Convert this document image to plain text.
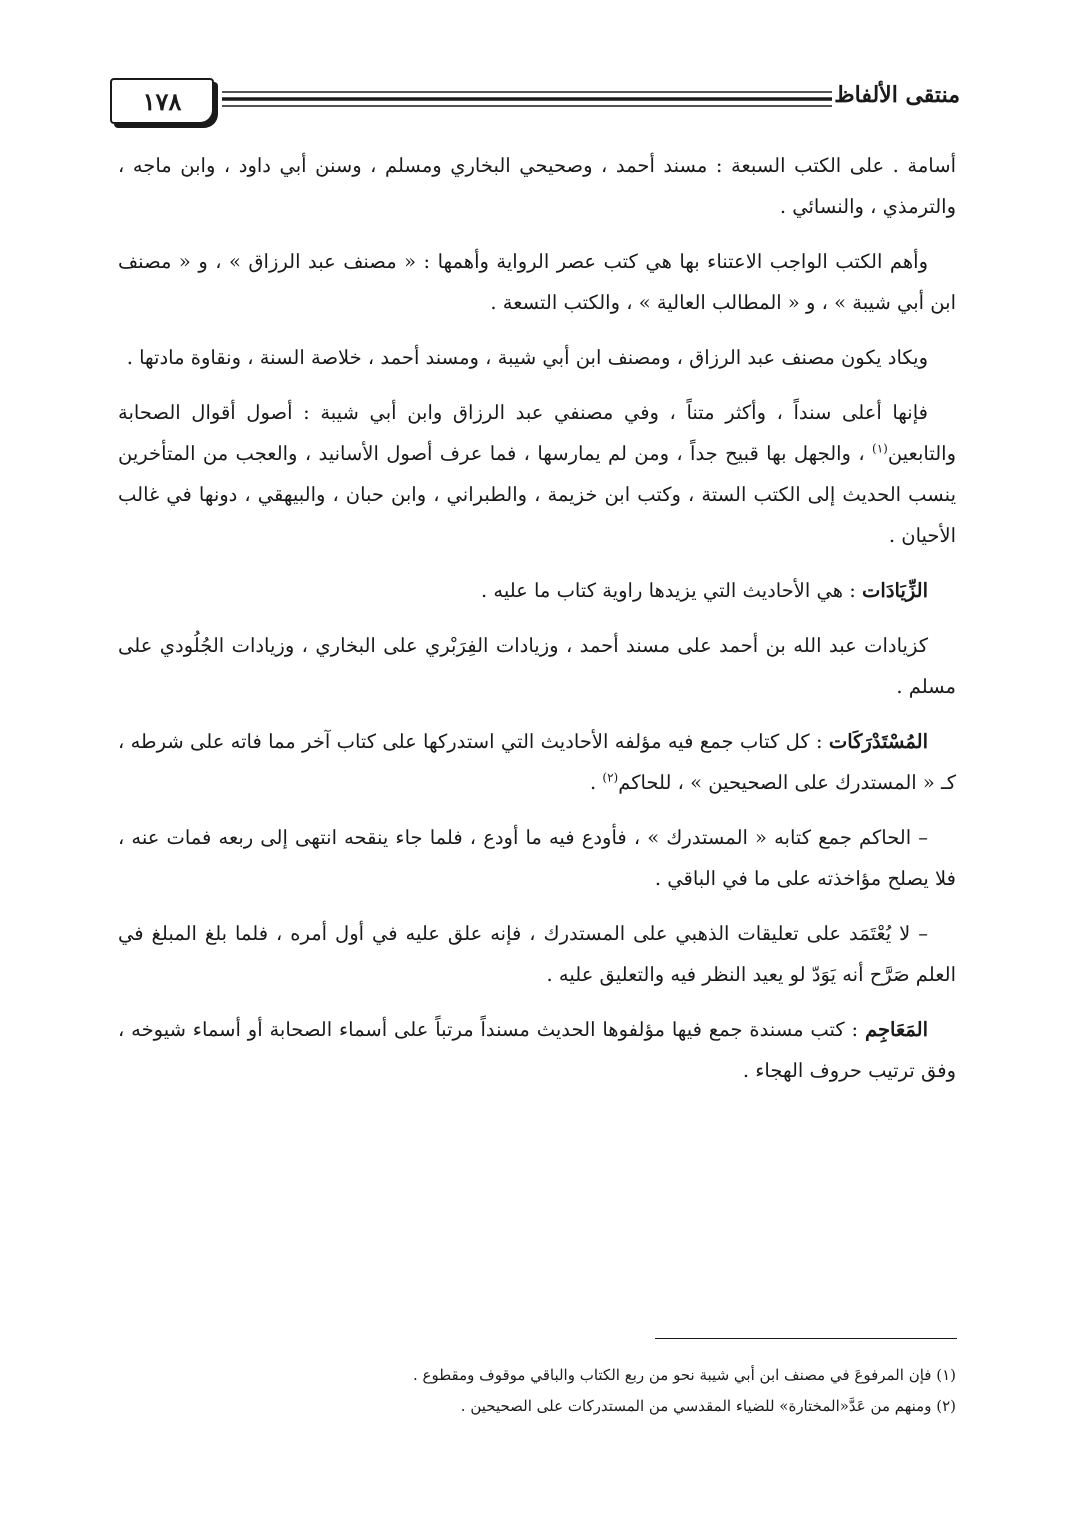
١٧٨	منتقى الألفاظ

أسامة . على الكتب السبعة : مسند أحمد ، وصحيحي البخاري ومسلم ، وسنن أبي داود ، وابن ماجه ، والترمذي ، والنسائي .

وأهم الكتب الواجب الاعتناء بها هي كتب عصر الرواية وأهمها : « مصنف عبد الرزاق » ، و « مصنف ابن أبي شيبة » ، و « المطالب العالية » ، والكتب التسعة .

ويكاد يكون مصنف عبد الرزاق ، ومصنف ابن أبي شيبة ، ومسند أحمد ، خلاصة السنة ، ونقاوة مادتها .

فإنها أعلى سنداً ، وأكثر متناً ، وفي مصنفي عبد الرزاق وابن أبي شيبة : أصول أقوال الصحابة والتابعين$^{(١)}$ ، والجهل بها قبيح جداً ، ومن لم يمارسها ، فما عرف أصول الأسانيد ، والعجب من المتأخرين ينسب الحديث إلى الكتب الستة ، وكتب ابن خزيمة ، والطبراني ، وابن حبان ، والبيهقي ، دونها في غالب الأحيان .

الزِّيَادَات : هي الأحاديث التي يزيدها راوية كتاب ما عليه .

كزيادات عبد الله بن أحمد على مسند أحمد ، وزيادات الفِرَبْري على البخاري ، وزيادات الجُلُودي على مسلم .

المُسْتَدْرَكَات : كل كتاب جمع فيه مؤلفه الأحاديث التي استدركها على كتاب آخر مما فاته على شرطه ، كـ « المستدرك على الصحيحين » ، للحاكم$^{(٢)}$ .

– الحاكم جمع كتابه « المستدرك » ، فأودع فيه ما أودع ، فلما جاء ينقحه انتهى إلى ربعه فمات عنه ، فلا يصلح مؤاخذته على ما في الباقي .

– لا يُعْتَمَد على تعليقات الذهبي على المستدرك ، فإنه علق عليه في أول أمره ، فلما بلغ المبلغ في العلم صَرَّح أنه يَوَدّ لو يعيد النظر فيه والتعليق عليه .

المَعَاجِم : كتب مسندة جمع فيها مؤلفوها الحديث مسنداً مرتباً على أسماء الصحابة أو أسماء شيوخه ، وفق ترتيب حروف الهجاء .

(١) فإن المرفوعَ في مصنف ابن أبي شيبة نحو من ربع الكتاب والباقي موقوف ومقطوع .
(٢) ومنهم من عَدَّ«المختارة» للضياء المقدسي من المستدركات على الصحيحين .
